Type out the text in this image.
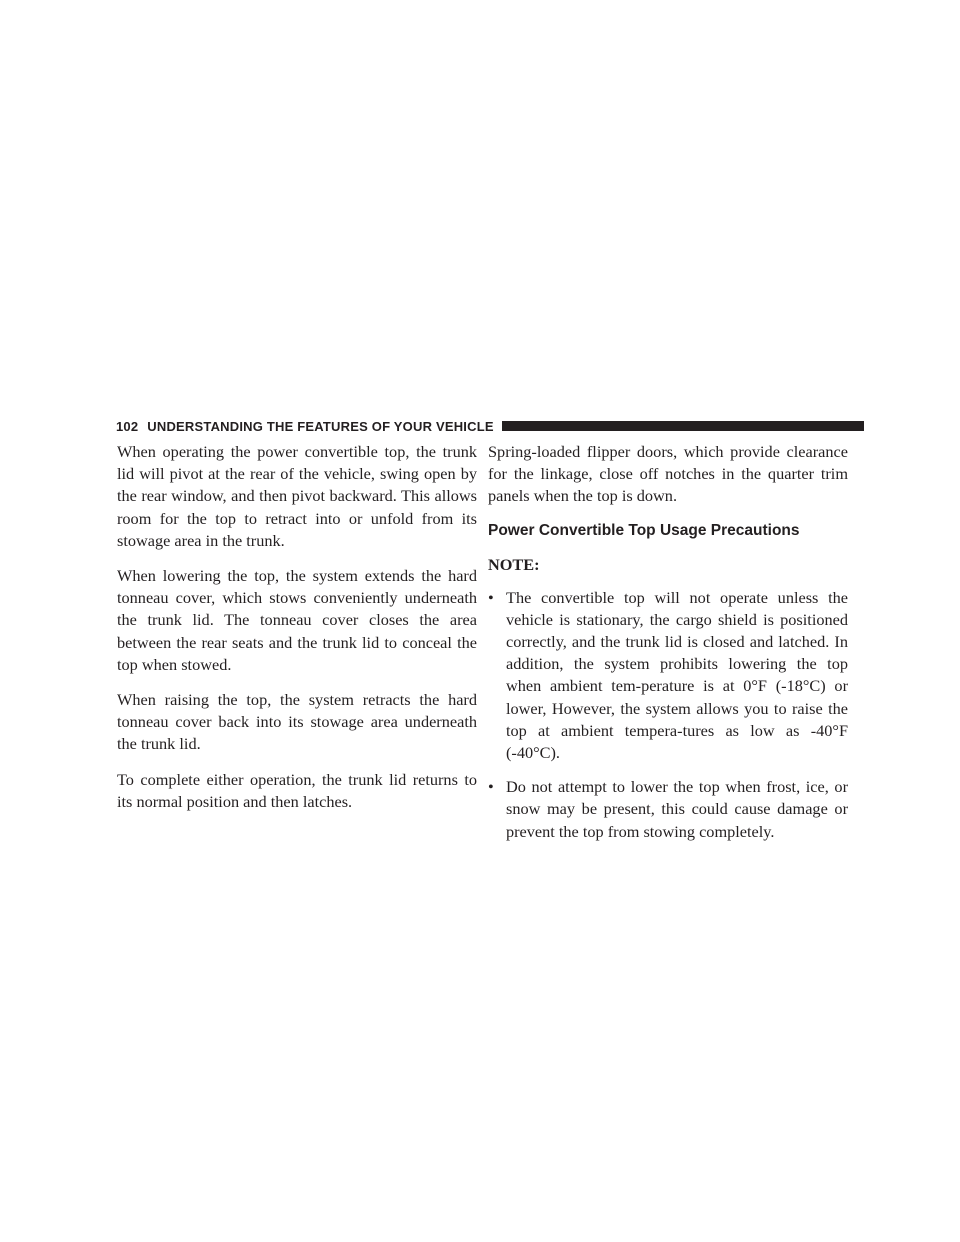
102 UNDERSTANDING THE FEATURES OF YOUR VEHICLE

When operating the power convertible top, the trunk lid will pivot at the rear of the vehicle, swing open by the rear window, and then pivot backward. This allows room for the top to retract into or unfold from its stowage area in the trunk.

When lowering the top, the system extends the hard tonneau cover, which stows conveniently underneath the trunk lid. The tonneau cover closes the area between the rear seats and the trunk lid to conceal the top when stowed.

When raising the top, the system retracts the hard tonneau cover back into its stowage area underneath the trunk lid.

To complete either operation, the trunk lid returns to its normal position and then latches.

Spring-loaded flipper doors, which provide clearance for the linkage, close off notches in the quarter trim panels when the top is down.

Power Convertible Top Usage Precautions
NOTE:
• The convertible top will not operate unless the vehicle is stationary, the cargo shield is positioned correctly, and the trunk lid is closed and latched. In addition, the system prohibits lowering the top when ambient tem-perature is at 0°F (-18°C) or lower, However, the system allows you to raise the top at ambient tempera-tures as low as -40°F (-40°C).
• Do not attempt to lower the top when frost, ice, or snow may be present, this could cause damage or prevent the top from stowing completely.
